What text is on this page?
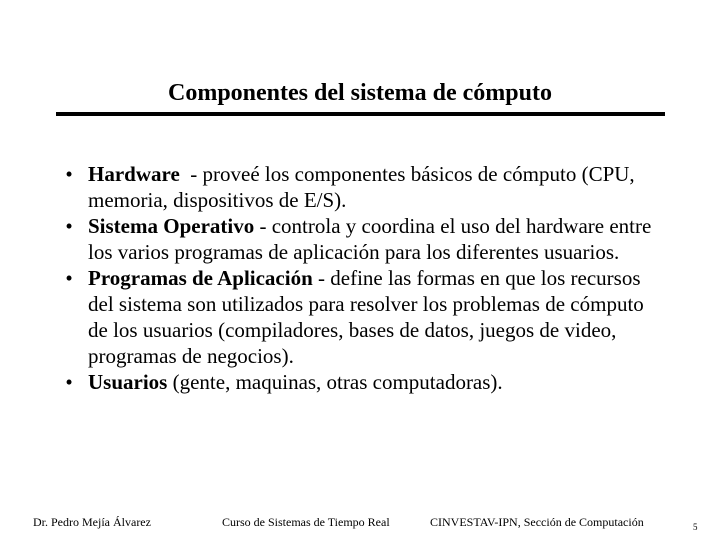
Componentes del sistema de cómputo
• Hardware  - proveé los componentes básicos de cómputo (CPU, memoria, dispositivos de E/S).
• Sistema Operativo - controla y coordina el uso del hardware entre los varios programas de aplicación para los diferentes usuarios.
• Programas de Aplicación - define las formas en que los recursos del sistema son utilizados para resolver los problemas de cómputo de los usuarios (compiladores, bases de datos, juegos de video, programas de negocios).
• Usuarios (gente, maquinas, otras computadoras).
Dr. Pedro Mejía Álvarez	Curso de Sistemas de Tiempo Real	CINVESTAV-IPN, Sección de Computación	5
